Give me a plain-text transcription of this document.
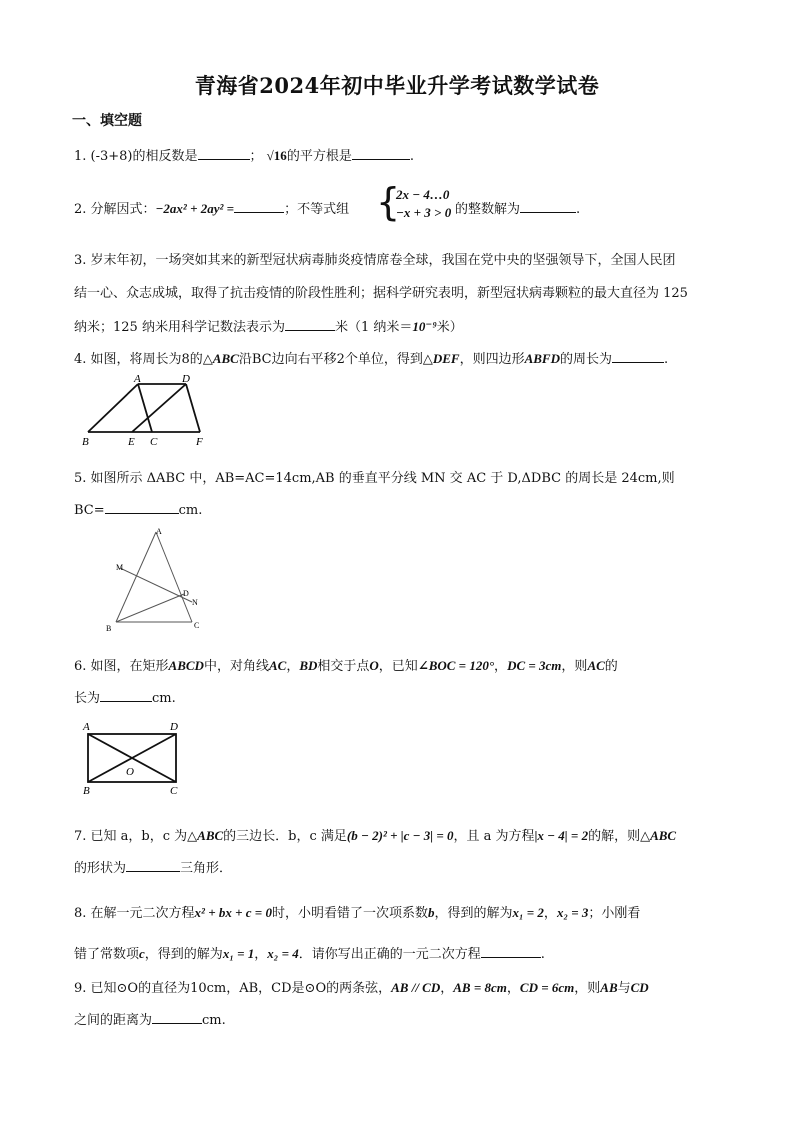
青海省2024年初中毕业升学考试数学试卷
一、填空题
1. (-3+8)的相反数是	； √16的平方根是	.
2. 分解因式：−2ax² + 2ay² =	；不等式组 {
2x − 4…0
−x + 3 > 0 的整数解为	.
3. 岁末年初，一场突如其来的新型冠状病毒肺炎疫情席卷全球，我国在党中央的坚强领导下，全国人民团
结一心、众志成城，取得了抗击疫情的阶段性胜利；据科学研究表明，新型冠状病毒颗粒的最大直径为 125
纳米；125 纳米用科学记数法表示为	米（1 纳米＝10⁻⁹米）
4. 如图，将周长为8的△ABC沿BC边向右平移2个单位，得到△DEF，则四边形ABFD的周长为	.
A	D
B	E C	F
5. 如图所示 ΔABC 中，AB=AC=14cm,AB 的垂直平分线 MN 交 AC 于 D,ΔDBC 的周长是 24cm,则
BC=	cm.
A
M
D
N
B	C
6. 如图，在矩形ABCD中，对角线AC，BD相交于点O，已知∠BOC = 120°，DC = 3cm，则AC的
长为	cm.
A	D
O
B	C
7. 已知 a，b，c 为△ABC的三边长．b，c 满足(b − 2)² + |c − 3| = 0，且 a 为方程|x − 4| = 2的解，则△ABC
的形状为	三角形．
8. 在解一元二次方程x² + bx + c = 0时，小明看错了一次项系数b，得到的解为x₁ = 2，x₂ = 3；小刚看
错了常数项c，得到的解为x₁ = 1，x₂ = 4．请你写出正确的一元二次方程	.
9. 已知⊙O的直径为10cm，AB，CD是⊙O的两条弦，AB // CD，AB = 8cm，CD = 6cm，则AB与CD
之间的距离为	cm.
